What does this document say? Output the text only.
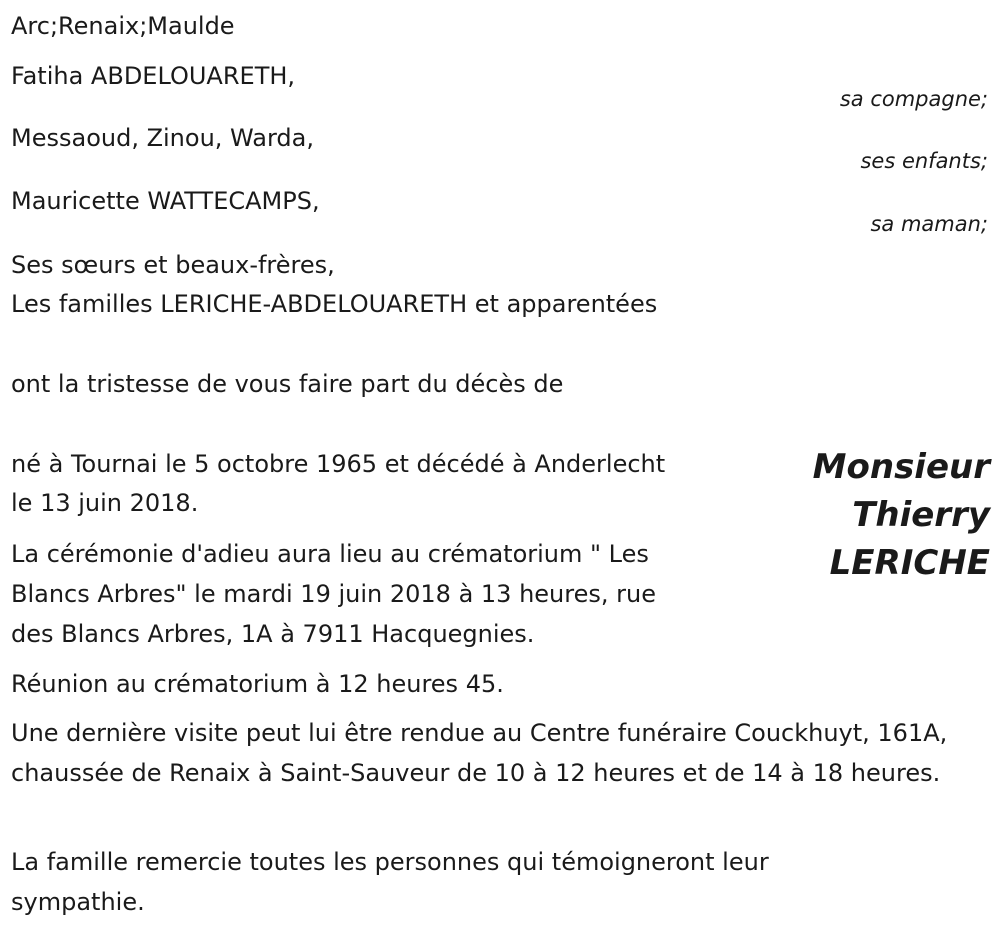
Arc;Renaix;Maulde

Fatiha ABDELOUARETH,

sa compagne;

Messaoud, Zinou, Warda,

ses enfants;

Mauricette WATTECAMPS,

sa maman;

Ses sœurs et beaux-frères,

Les familles LERICHE-ABDELOUARETH et apparentées

ont la tristesse de vous faire part du décès de

né à Tournai le 5 octobre 1965 et décédé à Anderlecht

le 13 juin 2018.

La cérémonie d'adieu aura lieu au crématorium " Les

Blancs Arbres" le mardi 19 juin 2018 à 13 heures, rue

des Blancs Arbres, 1A à 7911 Hacquegnies.

Réunion au crématorium à 12 heures 45.

Une dernière visite peut lui être rendue au Centre funéraire Couckhuyt, 161A, chaussée de Renaix à Saint-Sauveur de 10 à 12 heures et de 14 à 18 heures.

La famille remercie toutes les personnes qui témoigneront leur sympathie.

Monsieur
Thierry
LERICHE
